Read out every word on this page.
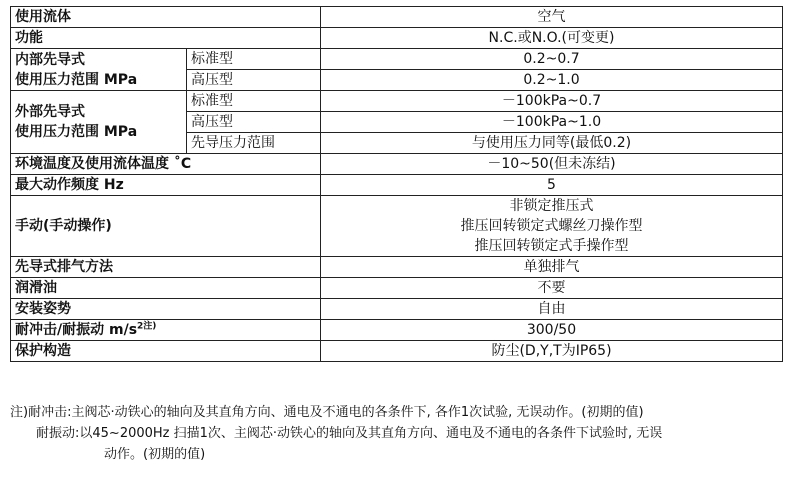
使用流体		空气
功能		N.C.或N.O.(可变更)

内部先导式
使用压力范围 MPa	标准型	0.2~0.7
	高压型	0.2~1.0

外部先导式
使用压力范围 MPa	标准型	－100kPa~0.7
	高压型	－100kPa~1.0
	先导压力范围	与使用压力同等(最低0.2)
环境温度及使用流体温度 ˚C		－10~50(但未冻结)
最大动作频度 Hz		5
手动(手动操作)		非锁定推压式
推压回转锁定式螺丝刀操作型
推压回转锁定式手操作型

先导式排气方法		单独排气
润滑油		不要
安装姿势		自由
耐冲击/耐振动 $m/s^{2注)}$		300/50
保护构造		防尘(D,Y,T为IP65)
注)耐冲击:主阀芯·动铁心的轴向及其直角方向、通电及不通电的各条件下, 各作1次试验, 无误动作。(初期的值)
耐振动:以45~2000Hz 扫描1次、主阀芯·动铁心的轴向及其直角方向、通电及不通电的各条件下试验时, 无误
动作。(初期的值)
